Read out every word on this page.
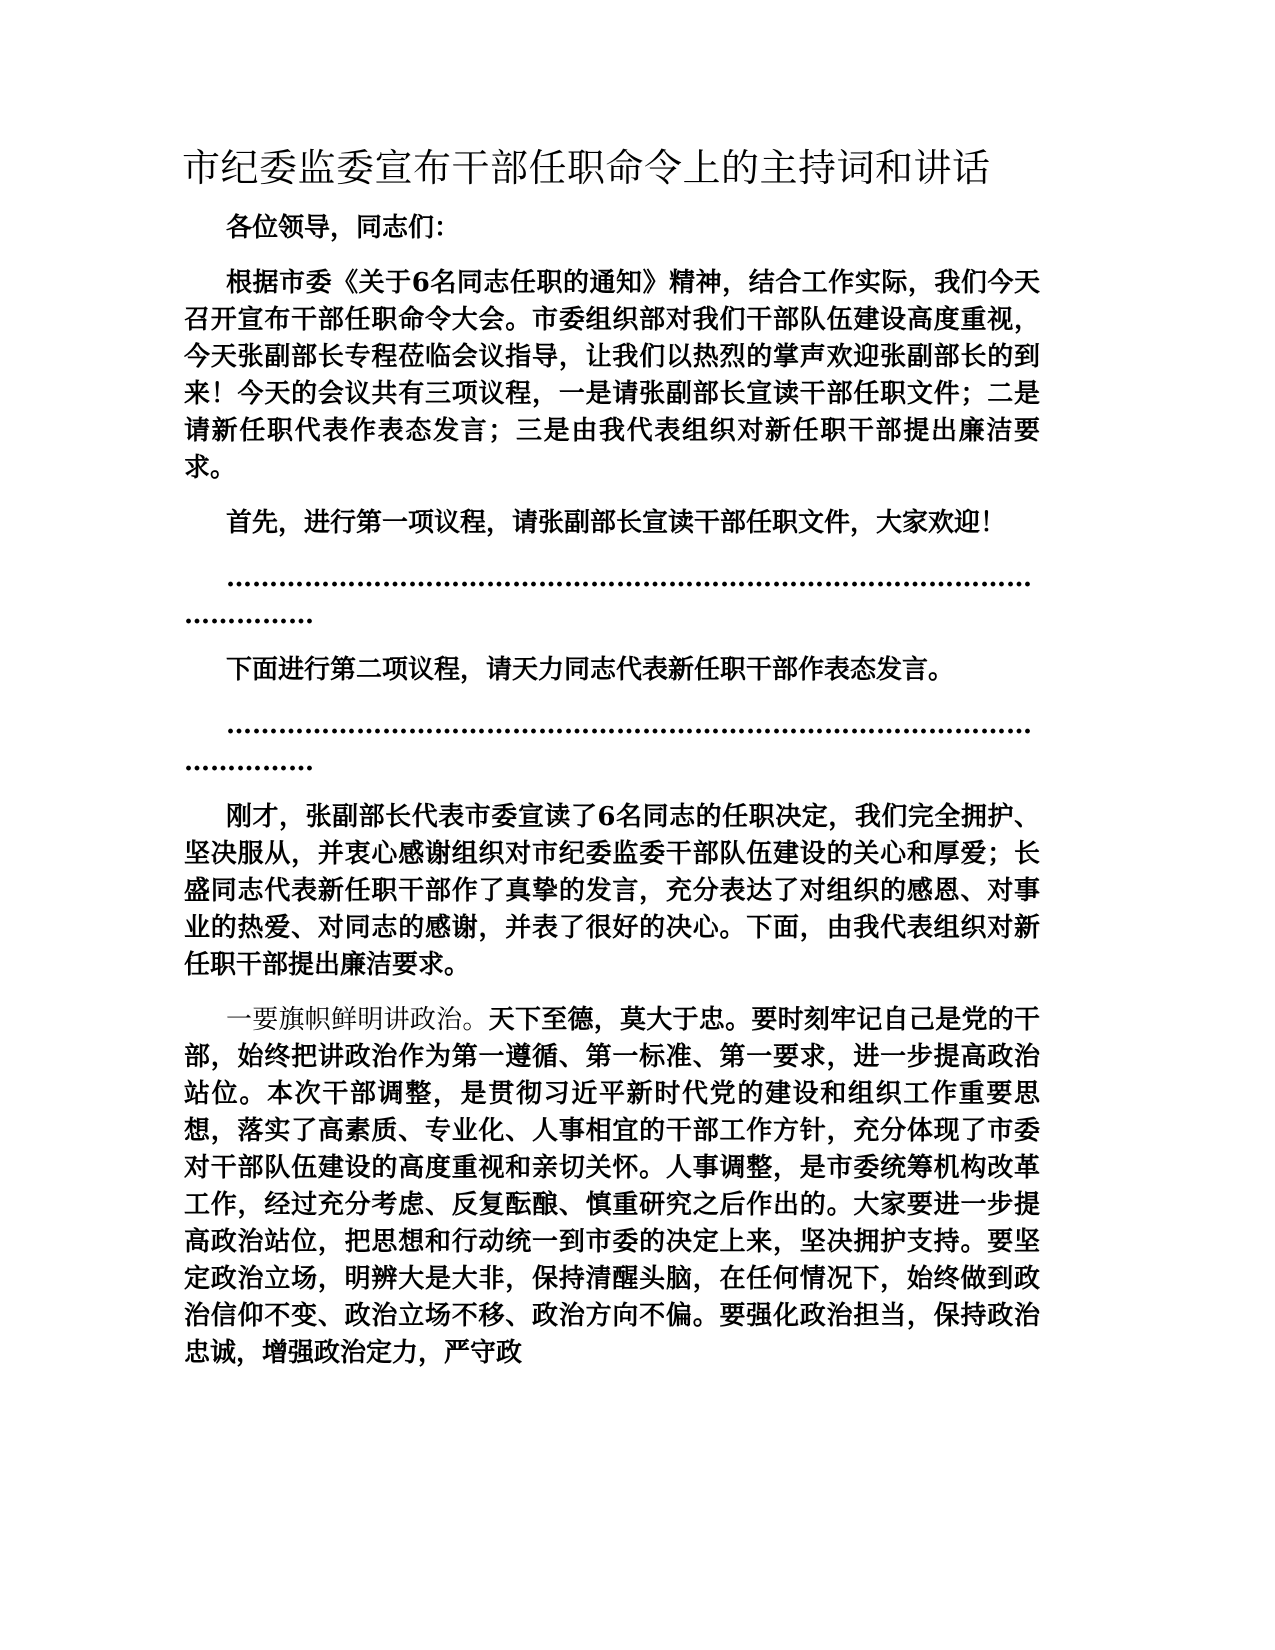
市纪委监委宣布干部任职命令上的主持词和讲话

各位领导，同志们：

根据市委《关于6名同志任职的通知》精神，结合工作实际，我们今天召开宣布干部任职命令大会。市委组织部对我们干部队伍建设高度重视，今天张副部长专程莅临会议指导，让我们以热烈的掌声欢迎张副部长的到来！今天的会议共有三项议程，一是请张副部长宣读干部任职文件；二是请新任职代表作表态发言；三是由我代表组织对新任职干部提出廉洁要求。

首先，进行第一项议程，请张副部长宣读干部任职文件，大家欢迎！

………………………………………………………………………………………………

下面进行第二项议程，请天力同志代表新任职干部作表态发言。

………………………………………………………………………………………………

刚才，张副部长代表市委宣读了6名同志的任职决定，我们完全拥护、坚决服从，并衷心感谢组织对市纪委监委干部队伍建设的关心和厚爱；长盛同志代表新任职干部作了真挚的发言，充分表达了对组织的感恩、对事业的热爱、对同志的感谢，并表了很好的决心。下面，由我代表组织对新任职干部提出廉洁要求。

一要旗帜鲜明讲政治。天下至德，莫大于忠。要时刻牢记自己是党的干部，始终把讲政治作为第一遵循、第一标准、第一要求，进一步提高政治站位。本次干部调整，是贯彻习近平新时代党的建设和组织工作重要思想，落实了高素质、专业化、人事相宜的干部工作方针，充分体现了市委对干部队伍建设的高度重视和亲切关怀。人事调整，是市委统筹机构改革工作，经过充分考虑、反复酝酿、慎重研究之后作出的。大家要进一步提高政治站位，把思想和行动统一到市委的决定上来，坚决拥护支持。要坚定政治立场，明辨大是大非，保持清醒头脑，在任何情况下，始终做到政治信仰不变、政治立场不移、政治方向不偏。要强化政治担当，保持政治忠诚，增强政治定力，严守政
